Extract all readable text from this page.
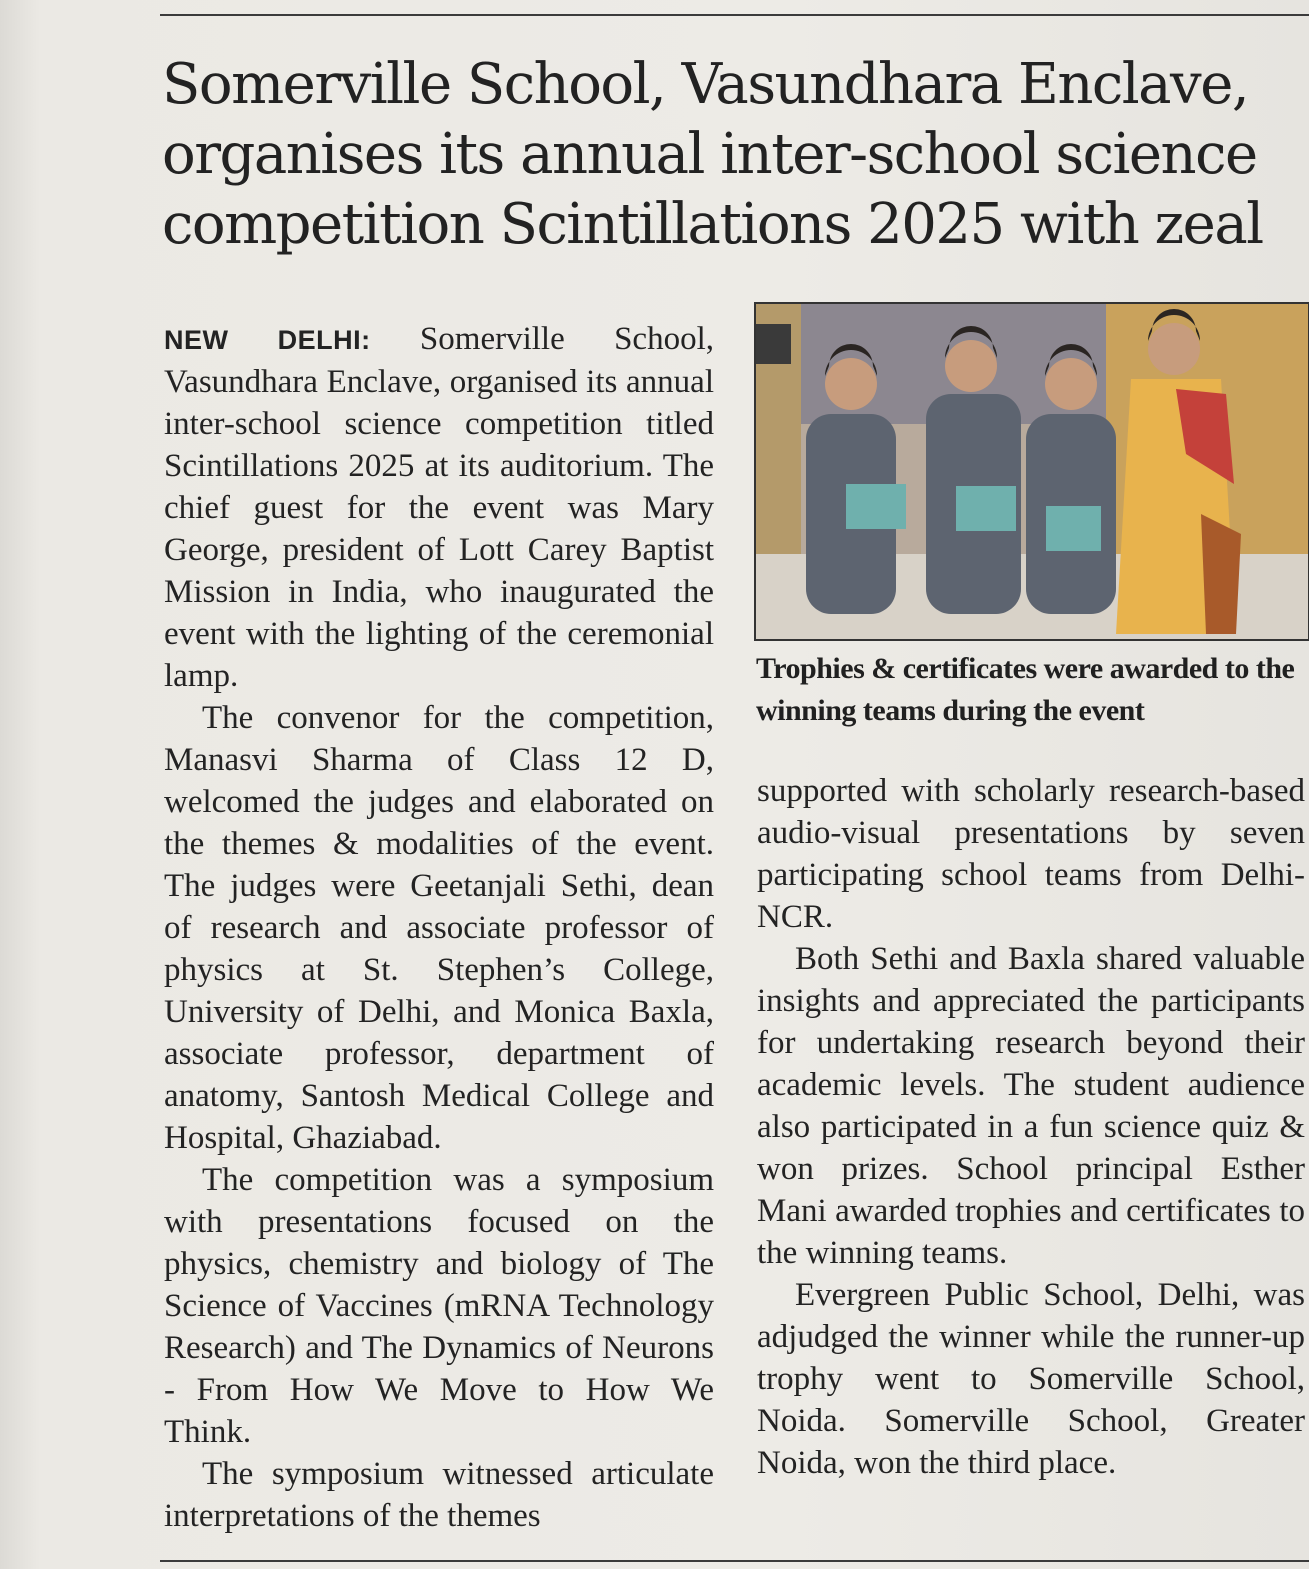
Somerville School, Vasundhara Enclave,
organises its annual inter-school science
competition Scintillations 2025 with zeal

NEW DELHI: Somerville School, Vasundhara Enclave, organised its annual inter-school science competition titled Scintillations 2025 at its auditorium. The chief guest for the event was Mary George, president of Lott Carey Baptist Mission in India, who inaugurated the event with the lighting of the ceremonial lamp.

The convenor for the competition, Manasvi Sharma of Class 12 D, welcomed the judges and elaborated on the themes & modalities of the event. The judges were Geetanjali Sethi, dean of research and associate professor of physics at St. Stephen’s College, University of Delhi, and Monica Baxla, associate professor, department of anatomy, Santosh Medical College and Hospital, Ghaziabad.

The competition was a symposium with presentations focused on the physics, chemistry and biology of The Science of Vaccines (mRNA Technology Research) and The Dynamics of Neurons - From How We Move to How We Think.

The symposium witnessed articulate interpretations of the themes

Trophies & certificates were awarded to the winning teams during the event

supported with scholarly research-based audio-visual presentations by seven participating school teams from Delhi-NCR.

Both Sethi and Baxla shared valuable insights and appreciated the participants for undertaking research beyond their academic levels. The student audience also participated in a fun science quiz & won prizes. School principal Esther Mani awarded trophies and certificates to the winning teams.

Evergreen Public School, Delhi, was adjudged the winner while the runner-up trophy went to Somerville School, Noida. Somerville School, Greater Noida, won the third place.
